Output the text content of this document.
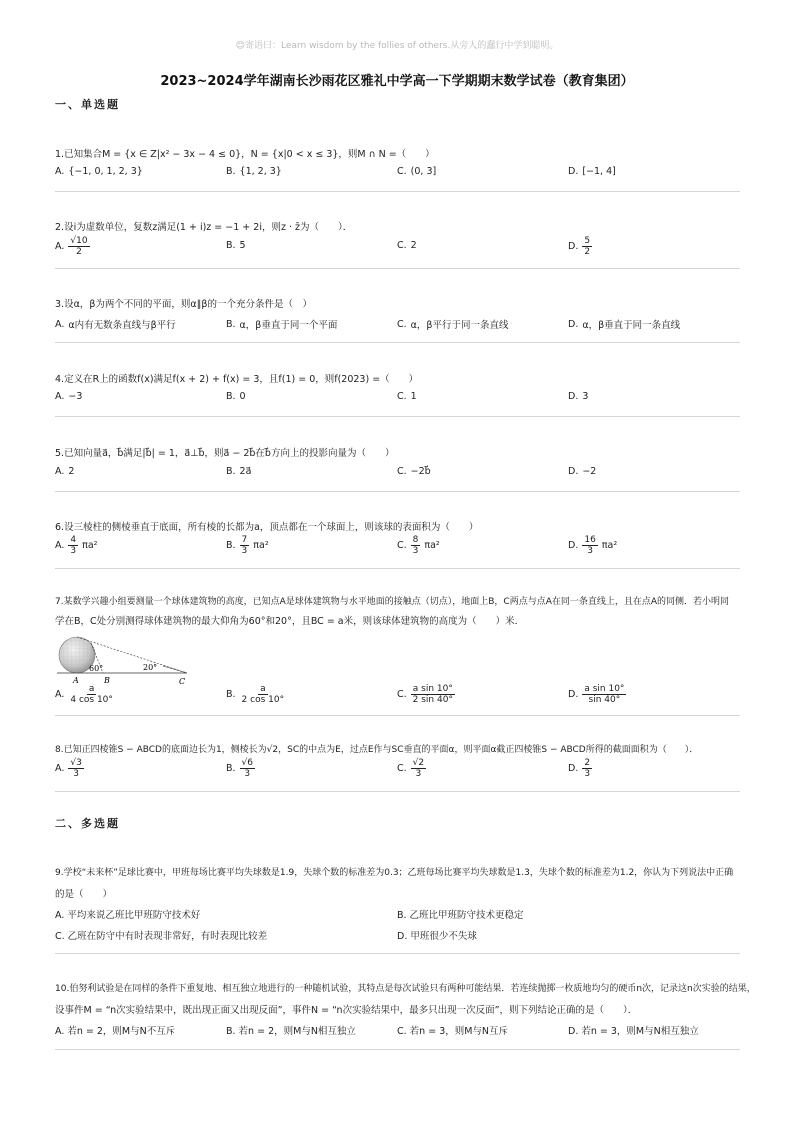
😊寄语曰：Learn wisdom by the follies of others.从旁人的蠢行中学到聪明。
2023~2024学年湖南长沙雨花区雅礼中学高一下学期期末数学试卷（教育集团）
一、单选题
1.已知集合M = {x ∈ Z|x² − 3x − 4 ≤ 0}，N = {x|0 < x ≤ 3}，则M ∩ N =（　　）
A. {−1, 0, 1, 2, 3}	B. {1, 2, 3}	C. (0, 3]	D. [−1, 4]
2.设i为虚数单位，复数z满足(1 + i)z = −1 + 2i，则z · z̄为（　　）．
A. $\frac{√10}{2}$	B. 5	C. 2	D. $\frac{5}{2}$
3.设α，β为两个不同的平面，则α∥β的一个充分条件是（　）
A. α内有无数条直线与β平行	B. α，β垂直于同一个平面	C. α，β平行于同一条直线	D. α，β垂直于同一条直线
4.定义在R上的函数f(x)满足f(x + 2) + f(x) = 3，且f(1) = 0，则f(2023) =（　　）
A. −3	B. 0	C. 1	D. 3
5.已知向量a⃗，b⃗满足|b⃗| = 1，a⃗⊥b⃗，则a⃗ − 2b⃗在b⃗方向上的投影向量为（　　）
A. 2	B. 2a⃗	C. −2b⃗	D. −2
6.设三棱柱的侧棱垂直于底面，所有棱的长都为a，顶点都在一个球面上，则该球的表面积为（　　）
A. $\frac{4}{3} \pi a^2$	B. $\frac{7}{3} \pi a^2$	C. $\frac{8}{3} \pi a^2$	D. $\frac{16}{3} \pi a^2$
7.某数学兴趣小组要测量一个球体建筑物的高度，已知点A是球体建筑物与水平地面的接触点（切点），地面上B，C两点与点A在同一条直线上，且在点A的同侧．若小明同
学在B，C处分别测得球体建筑物的最大仰角为60°和20°，且BC = a米，则该球体建筑物的高度为（　　）米．
60°	20°
A	B	C
A. $\frac{a}{4 \cos 10^\circ}$	B. $\frac{a}{2 \cos 10^\circ}$	C. $\frac{\text{a sin 10°}}{2 \sin 40^\circ}$	D. $\frac{\text{a sin 10°}}{\sin 40^\circ}$
8.已知正四棱锥S − ABCD的底面边长为1，侧棱长为√2，SC的中点为E，过点E作与SC垂直的平面α，则平面α截正四棱锥S − ABCD所得的截面面积为（　　）．
A. $\frac{√3}{3}$	B. $\frac{√6}{3}$	C. $\frac{√2}{3}$	D. $\frac{2}{3}$
二、多选题
9.学校“未来杯”足球比赛中，甲班每场比赛平均失球数是1.9，失球个数的标准差为0.3；乙班每场比赛平均失球数是1.3，失球个数的标准差为1.2，你认为下列说法中正确
的是（　　）
A. 平均来说乙班比甲班防守技术好	B. 乙班比甲班防守技术更稳定
C. 乙班在防守中有时表现非常好，有时表现比较差	D. 甲班很少不失球
10.伯努利试验是在同样的条件下重复地、相互独立地进行的一种随机试验，其特点是每次试验只有两种可能结果．若连续抛掷一枚质地均匀的硬币n次，记录这n次实验的结果，
设事件M = “n次实验结果中，既出现正面又出现反面”，事件N = “n次实验结果中，最多只出现一次反面”，则下列结论正确的是（　　）．
A. 若n = 2，则M与N不互斥	B. 若n = 2，则M与N相互独立	C. 若n = 3，则M与N互斥	D. 若n = 3，则M与N相互独立
